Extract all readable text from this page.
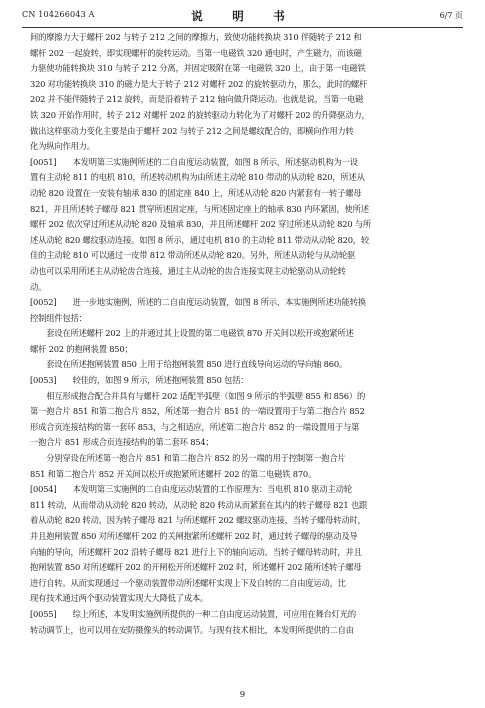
CN 104266043 A	说　明　书	6/7 页
间的摩擦力大于螺杆 202 与转子 212 之间的摩擦力，致使功能转换块 310 伴随转子 212 和
螺杆 202 一起旋转，即实现螺杆的旋转运动。当第一电磁铁 320 通电时，产生磁力，而该磁
力驱使功能转换块 310 与转子 212 分离，并固定吸附在第一电磁铁 320 上，由于第一电磁铁
320 对功能转换块 310 的磁力是大于转子 212 对螺杆 202 的旋转驱动力，那么，此时的螺杆
202 并不能伴随转子 212 旋转，而是沿着转子 212 轴向做升降运动。也就是说，当第一电磁
铁 320 开始作用时，转子 212 对螺杆 202 的旋转驱动力转化为了对螺杆 202 的升降驱动力，
做出这样驱动力变化主要是由于螺杆 202 与转子 212 之间是螺纹配合的，即横向作用力转
化为纵向作用力。
[0051]　　本发明第三实施例所述的二自由度运动装置，如图 8 所示，所述驱动机构为一设
置有主动轮 811 的电机 810，所述转动机构为由所述主动轮 810 带动的从动轮 820，所述从
动轮 820 设置在一安装有轴承 830 的固定座 840 上，所述从动轮 820 内紧套有一转子螺母
821，并且所述转子螺母 821 贯穿所述固定座，与所述固定座上的轴承 830 内环紧固，使所述
螺杆 202 依次穿过所述从动轮 820 及轴承 830，并且所述螺杆 202 穿过所述从动轮 820 与所
述从动轮 820 螺纹驱动连接。如图 8 所示，通过电机 810 的主动轮 811 带动从动轮 820，较
佳的主动轮 810 可以通过一皮带 812 带动所述从动轮 820。另外，所述从动轮与从动轮驱
动也可以采用所述主从动轮齿合连接，通过主从动轮的齿合连接实现主动轮驱动从动轮转
动。
[0052]　　进一步地实施例，所述的二自由度运动装置，如图 8 所示，本实施例所述功能转换
控制组件包括：
　　套设在所述螺杆 202 上的并通过其上设置的第二电磁铁 870 开关间以松开或抱紧所述
螺杆 202 的抱闸装置 850；
　　套设在所述抱闸装置 850 上用于给抱闸装置 850 进行直线导向运动的导向轴 860。
[0053]　　较佳的，如图 9 所示，所述抱闸装置 850 包括：
　　相互形成抱合配合并具有与螺杆 202 适配半弧壁（如图 9 所示的半弧壁 855 和 856）的
第一抱合片 851 和第二抱合片 852，所述第一抱合片 851 的一端设置用于与第二抱合片 852
形成合页连接结构的第一套环 853，与之相适应，所述第二抱合片 852 的一端设置用于与第
一抱合片 851 形成合页连接结构的第二套环 854；
　　分别穿设在所述第一抱合片 851 和第二抱合片 852 的另一端的用于控制第一抱合片
851 和第二抱合片 852 开关间以松开或抱紧所述螺杆 202 的第二电磁铁 870。
[0054]　　本发明第三实施例的二自由度运动装置的工作原理为：当电机 810 驱动主动轮
811 转动，从而带动从动轮 820 转动，从动轮 820 转动从而紧套在其内的转子螺母 821 也跟
着从动轮 820 转动，因为转子螺母 821 与所述螺杆 202 螺纹驱动连接，当转子螺母转动时，
并且抱闸装置 850 对所述螺杆 202 的关闸抱紧所述螺杆 202 时，通过转子螺母的驱动及导
向轴的导向，所述螺杆 202 沿转子螺母 821 进行上下的轴向运动。当转子螺母转动时，并且
抱闸装置 850 对所述螺杆 202 的开闸松开所述螺杆 202 时，所述螺杆 202 随所述转子螺母
进行自转。从而实现通过一个驱动装置带动所述螺杆实现上下及自转的二自由度运动，比
现有技术通过两个驱动装置实现大大降低了成本。
[0055]　　综上所述，本发明实施例所提供的一种二自由度运动装置，可应用在舞台灯光的
转动调节上，也可以用在安防摄像头的转动调节。与现有技术相比，本发明所提供的二自由
9
